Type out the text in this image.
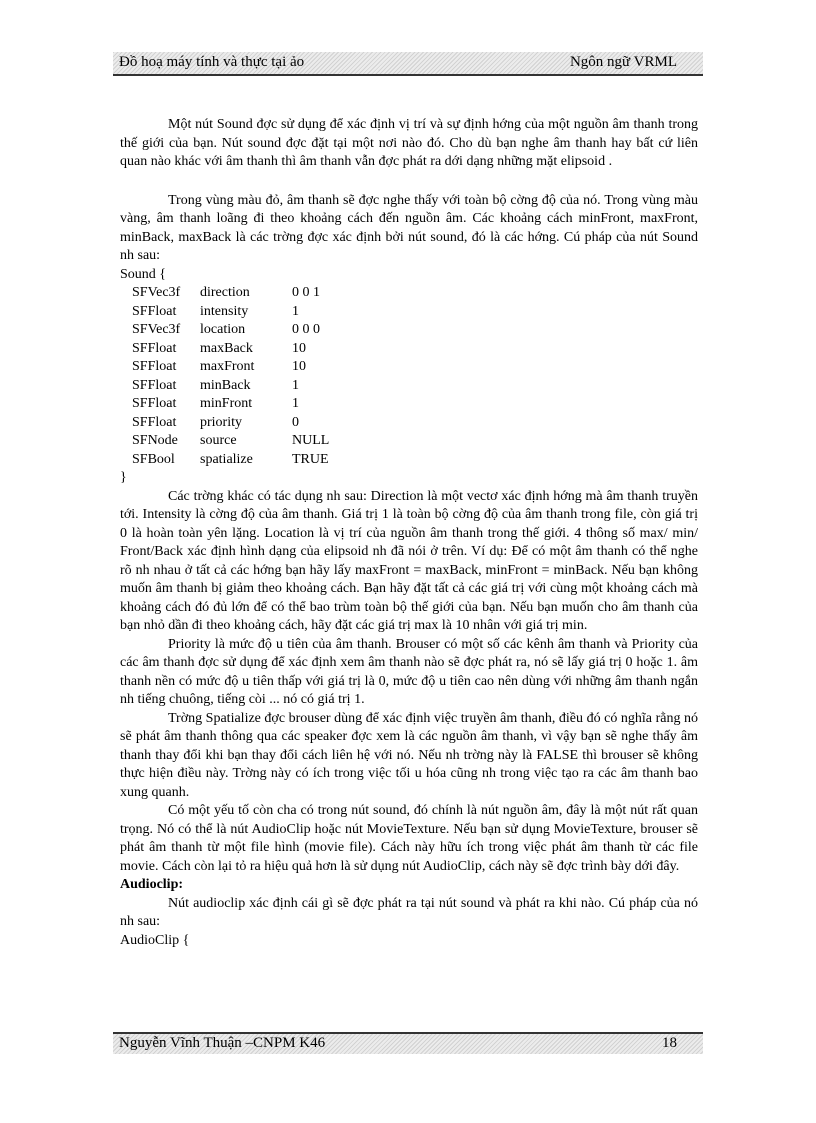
Đồ hoạ máy tính và thực tại ảo	Ngôn ngữ VRML

Một nút Sound đợc sử dụng để xác định vị trí và sự định hớng của một nguồn âm thanh trong thế giới của bạn. Nút sound đợc đặt tại một nơi nào đó. Cho dù bạn nghe âm thanh hay bất cứ liên quan nào khác với âm thanh thì âm thanh vẫn đợc phát ra dới dạng những mặt elipsoid .

Trong vùng màu đỏ, âm thanh sẽ đợc nghe thấy với toàn bộ cờng độ của nó. Trong vùng màu vàng, âm thanh loãng đi theo khoảng cách đến nguồn âm. Các khoảng cách minFront, maxFront, minBack, maxBack là các trờng đợc xác định bởi nút sound, đó là các hớng. Cú pháp của nút Sound nh sau:

Sound {
SFVec3f direction	0 0 1
SFFloat intensity	1
SFVec3f location	0 0 0
SFFloat maxBack	10
SFFloat maxFront	10
SFFloat minBack	1
SFFloat minFront	1
SFFloat priority	0
SFNode source	NULL
SFBool spatialize	TRUE
}

Các trờng khác có tác dụng nh sau: Direction là một vectơ xác định hớng mà âm thanh truyền tới. Intensity là cờng độ của âm thanh. Giá trị 1 là toàn bộ cờng độ của âm thanh trong file, còn giá trị 0 là hoàn toàn yên lặng. Location là vị trí của nguồn âm thanh trong thế giới. 4 thông số max/ min/ Front/Back xác định hình dạng của elipsoid nh đã nói ở trên. Ví dụ: Để có một âm thanh có thể nghe rõ nh nhau ở tất cả các hớng bạn hãy lấy maxFront = maxBack, minFront = minBack. Nếu bạn không muốn âm thanh bị giảm theo khoảng cách. Bạn hãy đặt tất cả các giá trị với cùng một khoảng cách mà khoảng cách đó đủ lớn để có thể bao trùm toàn bộ thế giới của bạn. Nếu bạn muốn cho âm thanh của bạn nhỏ dần đi theo khoảng cách, hãy đặt các giá trị max là 10 nhân với giá trị min.

Priority là mức độ u tiên của âm thanh. Brouser có một số các kênh âm thanh và Priority của các âm thanh đợc sử dụng để xác định xem âm thanh nào sẽ đợc phát ra, nó sẽ lấy giá trị 0 hoặc 1. âm thanh nền có mức độ u tiên thấp với giá trị là 0, mức độ u tiên cao nên dùng với những âm thanh ngắn nh tiếng chuông, tiếng còi ... nó có giá trị 1.

Trờng Spatialize đợc brouser dùng để xác định việc truyền âm thanh, điều đó có nghĩa rằng nó sẽ phát âm thanh thông qua các speaker đợc xem là các nguồn âm thanh, vì vậy bạn sẽ nghe thấy âm thanh thay đổi khi bạn thay đổi cách liên hệ với nó. Nếu nh trờng này là FALSE thì brouser sẽ không thực hiện điều này. Trờng này có ích trong việc tối u hóa cũng nh trong việc tạo ra các âm thanh bao xung quanh.

Có một yếu tố còn cha có trong nút sound, đó chính là nút nguồn âm, đây là một nút rất quan trọng. Nó có thể là nút AudioClip hoặc nút MovieTexture. Nếu bạn sử dụng MovieTexture, brouser sẽ phát âm thanh từ một file hình (movie file). Cách này hữu ích trong việc phát âm thanh từ các file movie. Cách còn lại tỏ ra hiệu quả hơn là sử dụng nút AudioClip, cách này sẽ đợc trình bày dới đây.

Audioclip:

Nút audioclip xác định cái gì sẽ đợc phát ra tại nút sound và phát ra khi nào. Cú pháp của nó nh sau:

AudioClip {

Nguyễn Vĩnh Thuận –CNPM K46	18
